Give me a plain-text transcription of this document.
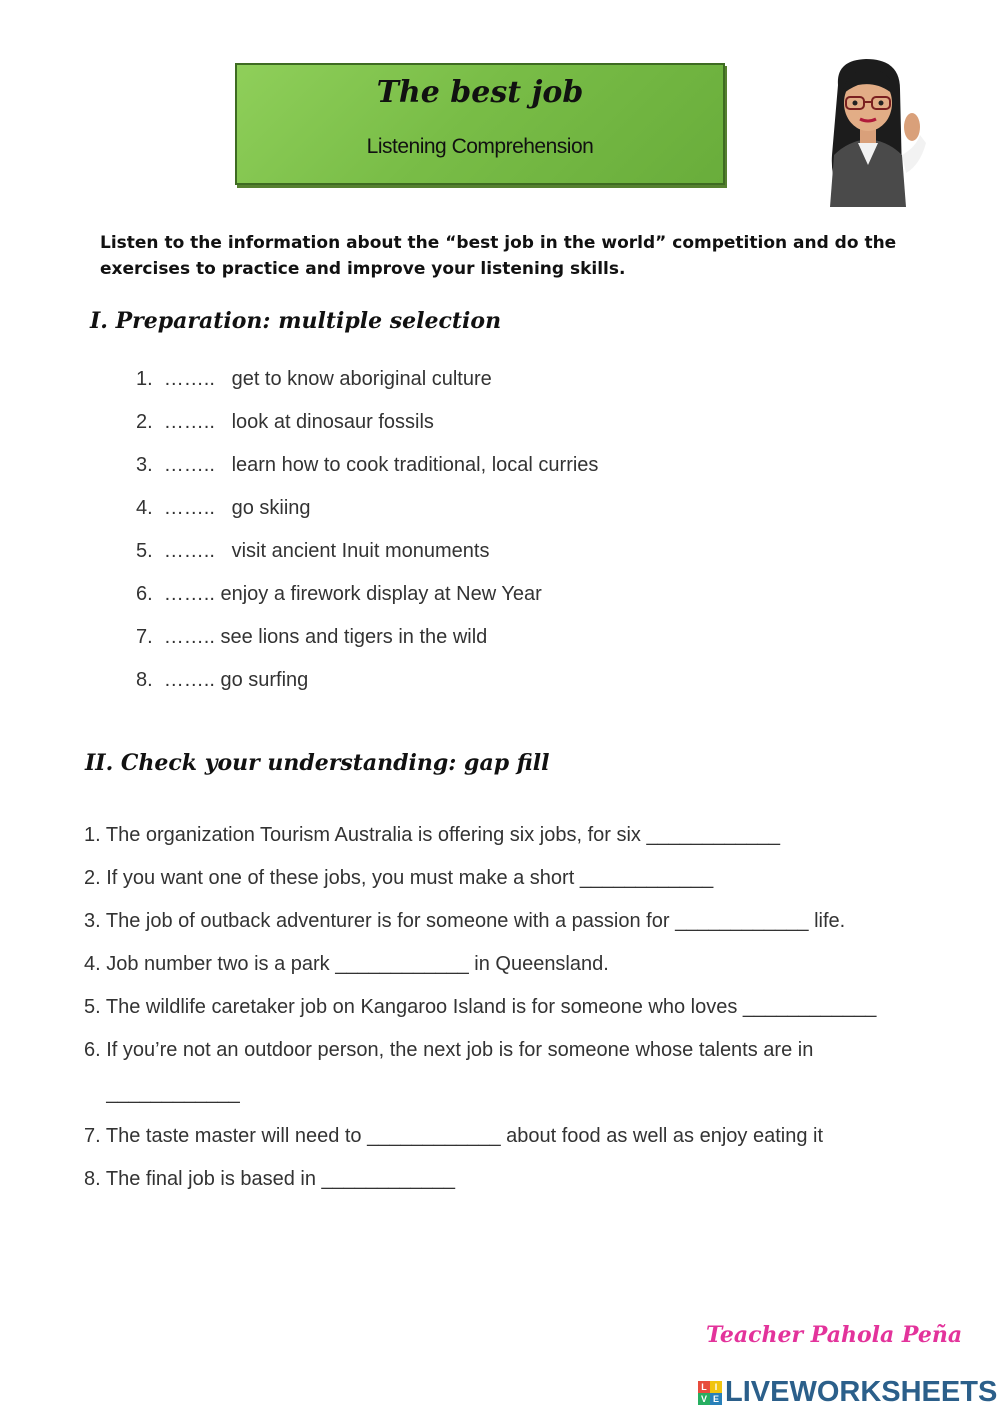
The best job
Listening Comprehension
Listen to the information about the “best job in the world” competition and do the exercises to practice and improve your listening skills.
I. Preparation: multiple selection
1.  ……..   get to know aboriginal culture
2.  ……..   look at dinosaur fossils
3.  ……..   learn how to cook traditional, local curries
4.  ……..   go skiing
5.  ……..   visit ancient Inuit monuments
6.  …….. enjoy a firework display at New Year
7.  …….. see lions and tigers in the wild
8.  …….. go surfing
II. Check your understanding: gap fill
1. The organization Tourism Australia is offering six jobs, for six ____________
2. If you want one of these jobs, you must make a short ____________
3. The job of outback adventurer is for someone with a passion for ____________ life.
4. Job number two is a park ____________ in Queensland.
5. The wildlife caretaker job on Kangaroo Island is for someone who loves ____________
6. If you’re not an outdoor person, the next job is for someone whose talents are in
____________
7. The taste master will need to ____________ about food as well as enjoy eating it
8. The final job is based in ____________
Teacher Pahola Peña
L I
V E LIVEWORKSHEETS
